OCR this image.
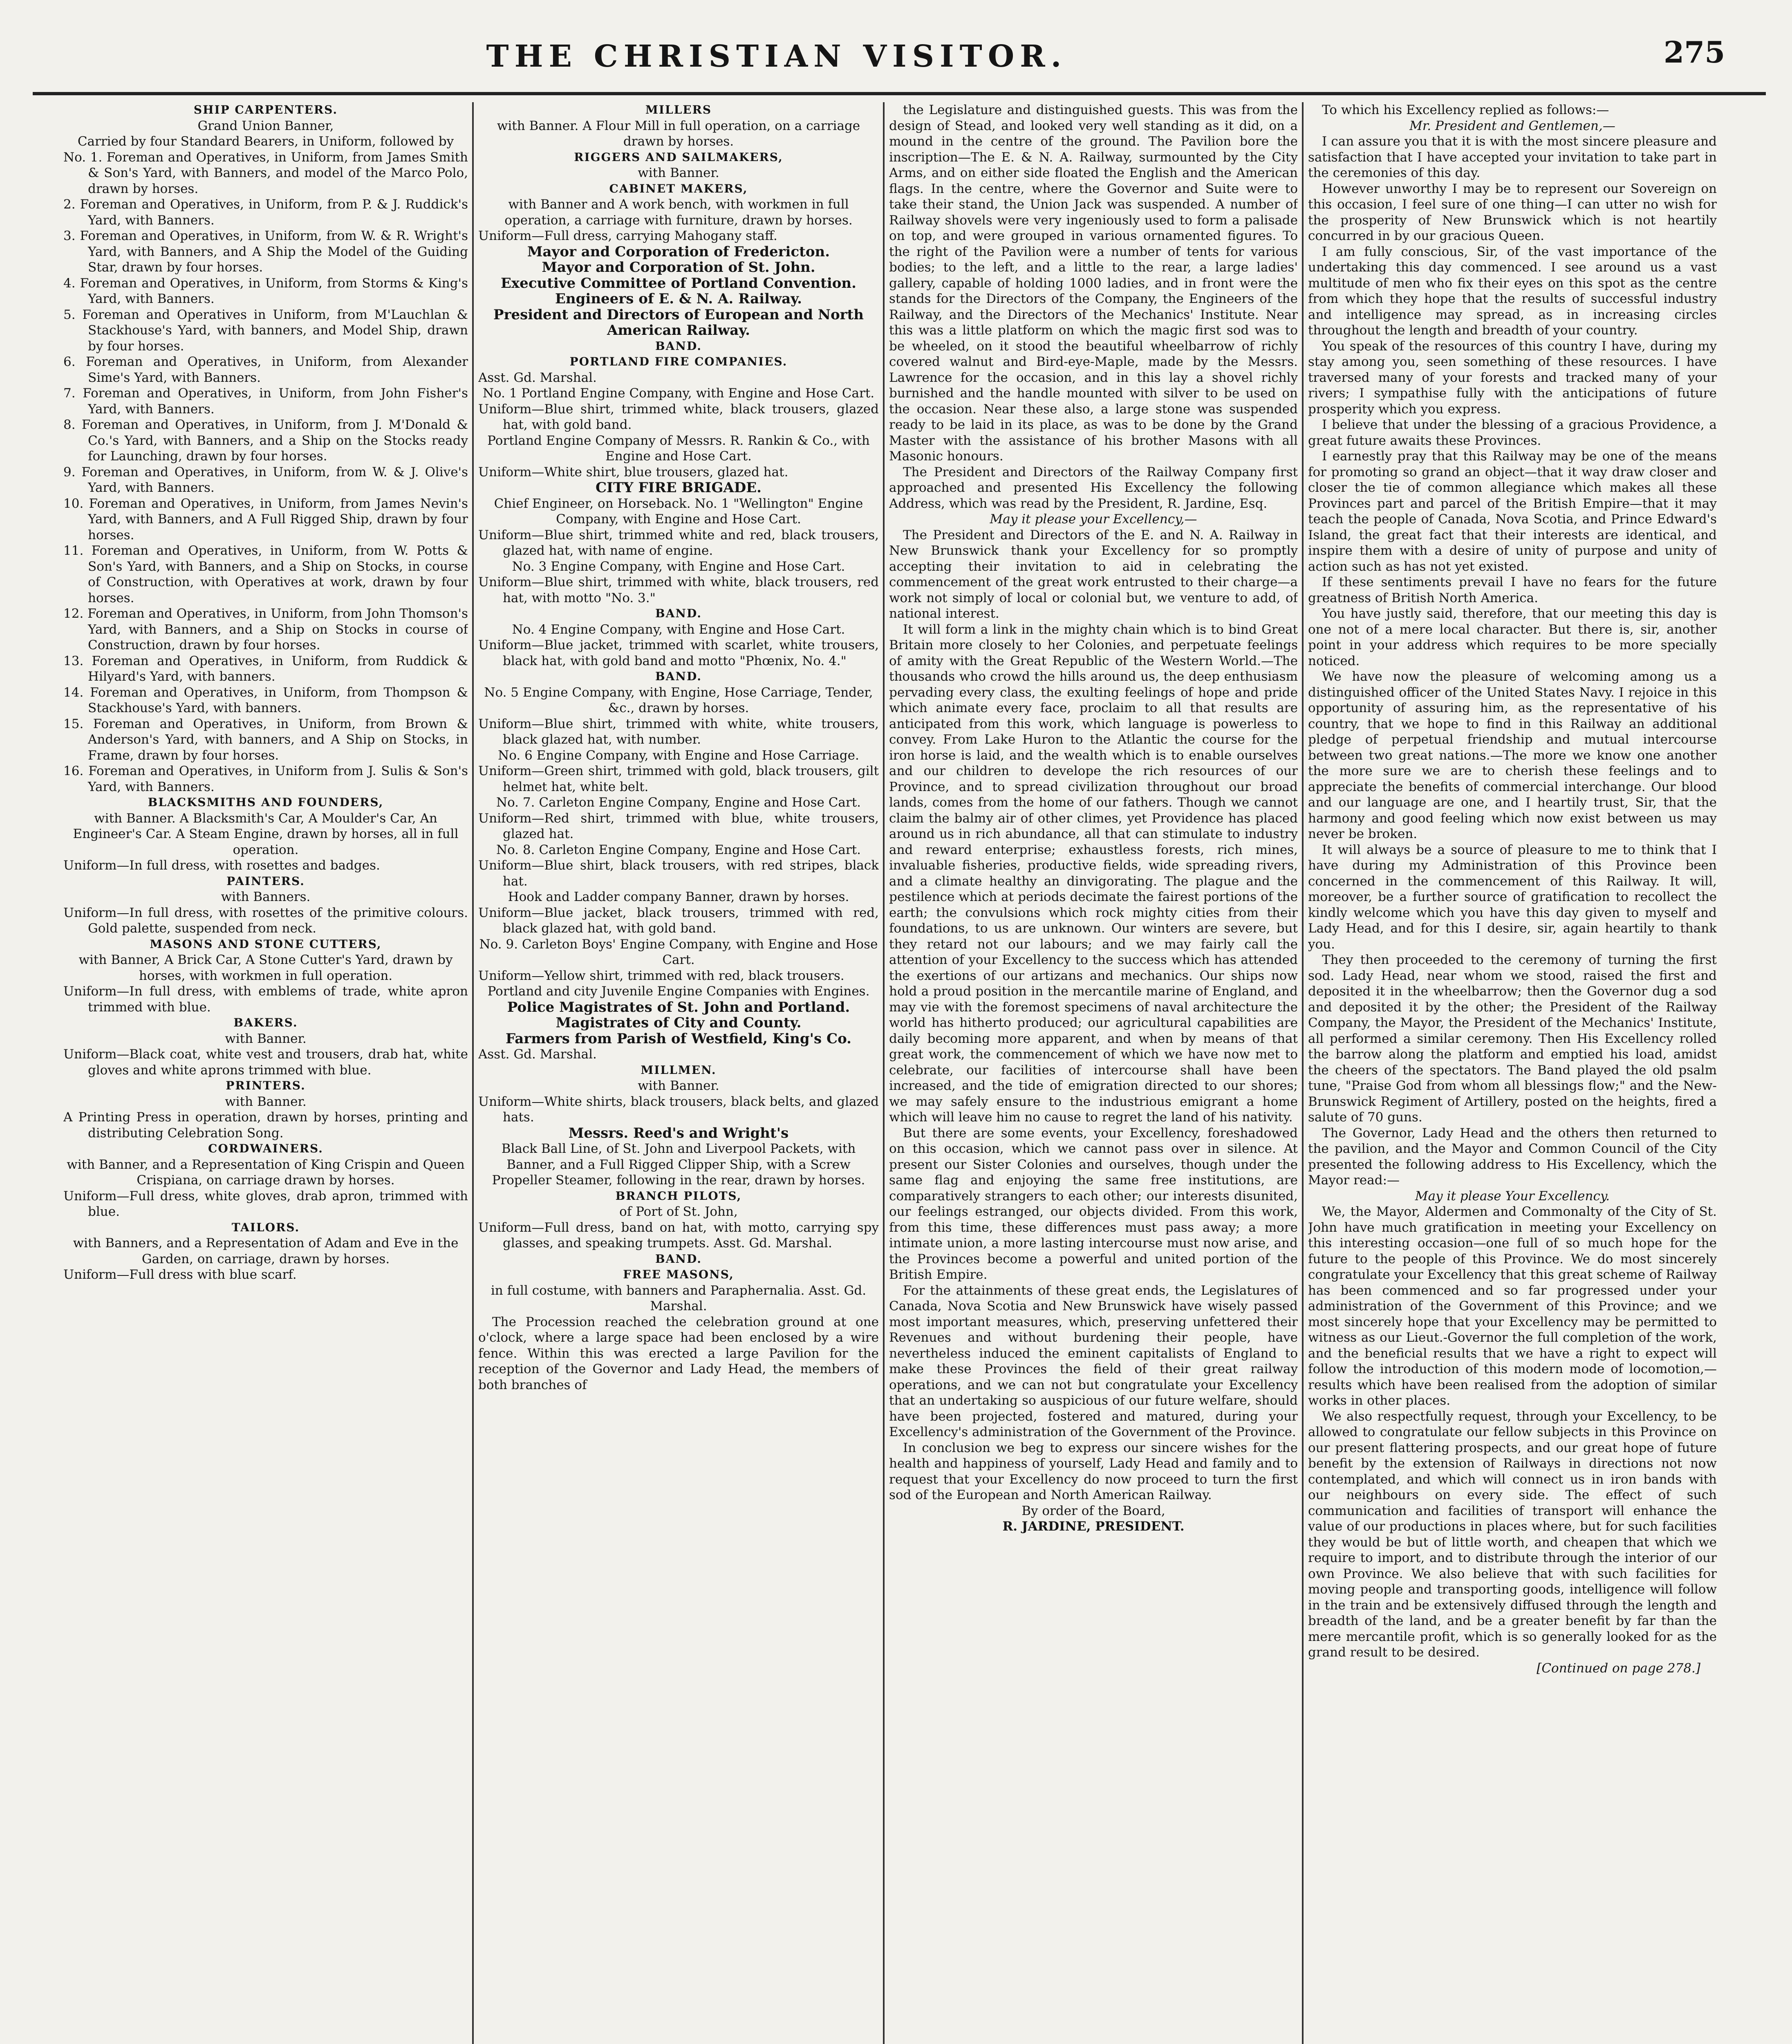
THE CHRISTIAN VISITOR.	275

SHIP CARPENTERS.

Grand Union Banner,

Carried by four Standard Bearers, in Uniform, followed by

No. 1. Foreman and Operatives, in Uniform, from James Smith & Son's Yard, with Banners, and model of the Marco Polo, drawn by horses.

2. Foreman and Operatives, in Uniform, from P. & J. Ruddick's Yard, with Banners.

3. Foreman and Operatives, in Uniform, from W. & R. Wright's Yard, with Banners, and A Ship the Model of the Guiding Star, drawn by four horses.

4. Foreman and Operatives, in Uniform, from Storms & King's Yard, with Banners.

5. Foreman and Operatives in Uniform, from M'Lauchlan & Stackhouse's Yard, with banners, and Model Ship, drawn by four horses.

6. Foreman and Operatives, in Uniform, from Alexander Sime's Yard, with Banners.

7. Foreman and Operatives, in Uniform, from John Fisher's Yard, with Banners.

8. Foreman and Operatives, in Uniform, from J. M'Donald & Co.'s Yard, with Banners, and a Ship on the Stocks ready for Launching, drawn by four horses.

9. Foreman and Operatives, in Uniform, from W. & J. Olive's Yard, with Banners.

10. Foreman and Operatives, in Uniform, from James Nevin's Yard, with Banners, and A Full Rigged Ship, drawn by four horses.

11. Foreman and Operatives, in Uniform, from W. Potts & Son's Yard, with Banners, and a Ship on Stocks, in course of Construction, with Operatives at work, drawn by four horses.

12. Foreman and Operatives, in Uniform, from John Thomson's Yard, with Banners, and a Ship on Stocks in course of Construction, drawn by four horses.

13. Foreman and Operatives, in Uniform, from Ruddick & Hilyard's Yard, with banners.

14. Foreman and Operatives, in Uniform, from Thompson & Stackhouse's Yard, with banners.

15. Foreman and Operatives, in Uniform, from Brown & Anderson's Yard, with banners, and A Ship on Stocks, in Frame, drawn by four horses.

16. Foreman and Operatives, in Uniform from J. Sulis & Son's Yard, with Banners.

BLACKSMITHS AND FOUNDERS,

with Banner. A Blacksmith's Car, A Moulder's Car, An Engineer's Car. A Steam Engine, drawn by horses, all in full operation.

Uniform—In full dress, with rosettes and badges.

PAINTERS.

with Banners.

Uniform—In full dress, with rosettes of the primitive colours. Gold palette, suspended from neck.

MASONS AND STONE CUTTERS,

with Banner, A Brick Car, A Stone Cutter's Yard, drawn by horses, with workmen in full operation.

Uniform—In full dress, with emblems of trade, white apron trimmed with blue.

BAKERS.

with Banner.

Uniform—Black coat, white vest and trousers, drab hat, white gloves and white aprons trimmed with blue.

PRINTERS.

with Banner.

A Printing Press in operation, drawn by horses, printing and distributing Celebration Song.

CORDWAINERS.

with Banner, and a Representation of King Crispin and Queen Crispiana, on carriage drawn by horses.

Uniform—Full dress, white gloves, drab apron, trimmed with blue.

TAILORS.

with Banners, and a Representation of Adam and Eve in the Garden, on carriage, drawn by horses.

Uniform—Full dress with blue scarf.

MILLERS

with Banner. A Flour Mill in full operation, on a carriage drawn by horses.

RIGGERS AND SAILMAKERS,

with Banner.

CABINET MAKERS,

with Banner and A work bench, with workmen in full operation, a carriage with furniture, drawn by horses.

Uniform—Full dress, carrying Mahogany staff.

Mayor and Corporation of Fredericton.

Mayor and Corporation of St. John.

Executive Committee of Portland Convention.

Engineers of E. & N. A. Railway.

President and Directors of European and North American Railway.

BAND.

PORTLAND FIRE COMPANIES.

Asst. Gd. Marshal.

No. 1 Portland Engine Company, with Engine and Hose Cart.

Uniform—Blue shirt, trimmed white, black trousers, glazed hat, with gold band.

Portland Engine Company of Messrs. R. Rankin & Co., with Engine and Hose Cart.

Uniform—White shirt, blue trousers, glazed hat.

CITY FIRE BRIGADE.

Chief Engineer, on Horseback. No. 1 "Wellington" Engine Company, with Engine and Hose Cart.

Uniform—Blue shirt, trimmed white and red, black trousers, glazed hat, with name of engine.

No. 3 Engine Company, with Engine and Hose Cart.

Uniform—Blue shirt, trimmed with white, black trousers, red hat, with motto "No. 3."

BAND.

No. 4 Engine Company, with Engine and Hose Cart.

Uniform—Blue jacket, trimmed with scarlet, white trousers, black hat, with gold band and motto "Phœnix, No. 4."

BAND.

No. 5 Engine Company, with Engine, Hose Carriage, Tender, &c., drawn by horses.

Uniform—Blue shirt, trimmed with white, white trousers, black glazed hat, with number.

No. 6 Engine Company, with Engine and Hose Carriage.

Uniform—Green shirt, trimmed with gold, black trousers, gilt helmet hat, white belt.

No. 7. Carleton Engine Company, Engine and Hose Cart.

Uniform—Red shirt, trimmed with blue, white trousers, glazed hat.

No. 8. Carleton Engine Company, Engine and Hose Cart.

Uniform—Blue shirt, black trousers, with red stripes, black hat.

Hook and Ladder company Banner, drawn by horses.

Uniform—Blue jacket, black trousers, trimmed with red, black glazed hat, with gold band.

No. 9. Carleton Boys' Engine Company, with Engine and Hose Cart.

Uniform—Yellow shirt, trimmed with red, black trousers.

Portland and city Juvenile Engine Companies with Engines.

Police Magistrates of St. John and Portland.

Magistrates of City and County.

Farmers from Parish of Westfield, King's Co.

Asst. Gd. Marshal.

MILLMEN.

with Banner.

Uniform—White shirts, black trousers, black belts, and glazed hats.

Messrs. Reed's and Wright's

Black Ball Line, of St. John and Liverpool Packets, with Banner, and a Full Rigged Clipper Ship, with a Screw Propeller Steamer, following in the rear, drawn by horses.

BRANCH PILOTS,

of Port of St. John,

Uniform—Full dress, band on hat, with motto, carrying spy glasses, and speaking trumpets. Asst. Gd. Marshal.

BAND.

FREE MASONS,

in full costume, with banners and Paraphernalia. Asst. Gd. Marshal.

The Procession reached the celebration ground at one o'clock, where a large space had been enclosed by a wire fence. Within this was erected a large Pavilion for the reception of the Governor and Lady Head, the members of both branches of

the Legislature and distinguished guests. This was from the design of Stead, and looked very well standing as it did, on a mound in the centre of the ground. The Pavilion bore the inscription—The E. & N. A. Railway, surmounted by the City Arms, and on either side floated the English and the American flags. In the centre, where the Governor and Suite were to take their stand, the Union Jack was suspended. A number of Railway shovels were very ingeniously used to form a palisade on top, and were grouped in various ornamented figures. To the right of the Pavilion were a number of tents for various bodies; to the left, and a little to the rear, a large ladies' gallery, capable of holding 1000 ladies, and in front were the stands for the Directors of the Company, the Engineers of the Railway, and the Directors of the Mechanics' Institute. Near this was a little platform on which the magic first sod was to be wheeled, on it stood the beautiful wheelbarrow of richly covered walnut and Bird-eye-Maple, made by the Messrs. Lawrence for the occasion, and in this lay a shovel richly burnished and the handle mounted with silver to be used on the occasion. Near these also, a large stone was suspended ready to be laid in its place, as was to be done by the Grand Master with the assistance of his brother Masons with all Masonic honours.

The President and Directors of the Railway Company first approached and presented His Excellency the following Address, which was read by the President, R. Jardine, Esq.

May it please your Excellency,—

The President and Directors of the E. and N. A. Railway in New Brunswick thank your Excellency for so promptly accepting their invitation to aid in celebrating the commencement of the great work entrusted to their charge—a work not simply of local or colonial but, we venture to add, of national interest.

It will form a link in the mighty chain which is to bind Great Britain more closely to her Colonies, and perpetuate feelings of amity with the Great Republic of the Western World.—The thousands who crowd the hills around us, the deep enthusiasm pervading every class, the exulting feelings of hope and pride which animate every face, proclaim to all that results are anticipated from this work, which language is powerless to convey. From Lake Huron to the Atlantic the course for the iron horse is laid, and the wealth which is to enable ourselves and our children to develope the rich resources of our Province, and to spread civilization throughout our broad lands, comes from the home of our fathers. Though we cannot claim the balmy air of other climes, yet Providence has placed around us in rich abundance, all that can stimulate to industry and reward enterprise; exhaustless forests, rich mines, invaluable fisheries, productive fields, wide spreading rivers, and a climate healthy an dinvigorating. The plague and the pestilence which at periods decimate the fairest portions of the earth; the convulsions which rock mighty cities from their foundations, to us are unknown. Our winters are severe, but they retard not our labours; and we may fairly call the attention of your Excellency to the success which has attended the exertions of our artizans and mechanics. Our ships now hold a proud position in the mercantile marine of England, and may vie with the foremost specimens of naval architecture the world has hitherto produced; our agricultural capabilities are daily becoming more apparent, and when by means of that great work, the commencement of which we have now met to celebrate, our facilities of intercourse shall have been increased, and the tide of emigration directed to our shores; we may safely ensure to the industrious emigrant a home which will leave him no cause to regret the land of his nativity.

But there are some events, your Excellency, foreshadowed on this occasion, which we cannot pass over in silence. At present our Sister Colonies and ourselves, though under the same flag and enjoying the same free institutions, are comparatively strangers to each other; our interests disunited, our feelings estranged, our objects divided. From this work, from this time, these differences must pass away; a more intimate union, a more lasting intercourse must now arise, and the Provinces become a powerful and united portion of the British Empire.

For the attainments of these great ends, the Legislatures of Canada, Nova Scotia and New Brunswick have wisely passed most important measures, which, preserving unfettered their Revenues and without burdening their people, have nevertheless induced the eminent capitalists of England to make these Provinces the field of their great railway operations, and we can not but congratulate your Excellency that an undertaking so auspicious of our future welfare, should have been projected, fostered and matured, during your Excellency's administration of the Government of the Province.

In conclusion we beg to express our sincere wishes for the health and happiness of yourself, Lady Head and family and to request that your Excellency do now proceed to turn the first sod of the European and North American Railway.

By order of the Board,

R. JARDINE, PRESIDENT.

To which his Excellency replied as follows:—

Mr. President and Gentlemen,—

I can assure you that it is with the most sincere pleasure and satisfaction that I have accepted your invitation to take part in the ceremonies of this day.

However unworthy I may be to represent our Sovereign on this occasion, I feel sure of one thing—I can utter no wish for the prosperity of New Brunswick which is not heartily concurred in by our gracious Queen.

I am fully conscious, Sir, of the vast importance of the undertaking this day commenced. I see around us a vast multitude of men who fix their eyes on this spot as the centre from which they hope that the results of successful industry and intelligence may spread, as in increasing circles throughout the length and breadth of your country.

You speak of the resources of this country I have, during my stay among you, seen something of these resources. I have traversed many of your forests and tracked many of your rivers; I sympathise fully with the anticipations of future prosperity which you express.

I believe that under the blessing of a gracious Providence, a great future awaits these Provinces.

I earnestly pray that this Railway may be one of the means for promoting so grand an object—that it way draw closer and closer the tie of common allegiance which makes all these Provinces part and parcel of the British Empire—that it may teach the people of Canada, Nova Scotia, and Prince Edward's Island, the great fact that their interests are identical, and inspire them with a desire of unity of purpose and unity of action such as has not yet existed.

If these sentiments prevail I have no fears for the future greatness of British North America.

You have justly said, therefore, that our meeting this day is one not of a mere local character. But there is, sir, another point in your address which requires to be more specially noticed.

We have now the pleasure of welcoming among us a distinguished officer of the United States Navy. I rejoice in this opportunity of assuring him, as the representative of his country, that we hope to find in this Railway an additional pledge of perpetual friendship and mutual intercourse between two great nations.—The more we know one another the more sure we are to cherish these feelings and to appreciate the benefits of commercial interchange. Our blood and our language are one, and I heartily trust, Sir, that the harmony and good feeling which now exist between us may never be broken.

It will always be a source of pleasure to me to think that I have during my Administration of this Province been concerned in the commencement of this Railway. It will, moreover, be a further source of gratification to recollect the kindly welcome which you have this day given to myself and Lady Head, and for this I desire, sir, again heartily to thank you.

They then proceeded to the ceremony of turning the first sod. Lady Head, near whom we stood, raised the first and deposited it in the wheelbarrow; then the Governor dug a sod and deposited it by the other; the President of the Railway Company, the Mayor, the President of the Mechanics' Institute, all performed a similar ceremony. Then His Excellency rolled the barrow along the platform and emptied his load, amidst the cheers of the spectators. The Band played the old psalm tune, "Praise God from whom all blessings flow;" and the New-Brunswick Regiment of Artillery, posted on the heights, fired a salute of 70 guns.

The Governor, Lady Head and the others then returned to the pavilion, and the Mayor and Common Council of the City presented the following address to His Excellency, which the Mayor read:—

May it please Your Excellency.

We, the Mayor, Aldermen and Commonalty of the City of St. John have much gratification in meeting your Excellency on this interesting occasion—one full of so much hope for the future to the people of this Province. We do most sincerely congratulate your Excellency that this great scheme of Railway has been commenced and so far progressed under your administration of the Government of this Province; and we most sincerely hope that your Excellency may be permitted to witness as our Lieut.-Governor the full completion of the work, and the beneficial results that we have a right to expect will follow the introduction of this modern mode of locomotion,—results which have been realised from the adoption of similar works in other places.

We also respectfully request, through your Excellency, to be allowed to congratulate our fellow subjects in this Province on our present flattering prospects, and our great hope of future benefit by the extension of Railways in directions not now contemplated, and which will connect us in iron bands with our neighbours on every side. The effect of such communication and facilities of transport will enhance the value of our productions in places where, but for such facilities they would be but of little worth, and cheapen that which we require to import, and to distribute through the interior of our own Province. We also believe that with such facilities for moving people and transporting goods, intelligence will follow in the train and be extensively diffused through the length and breadth of the land, and be a greater benefit by far than the mere mercantile profit, which is so generally looked for as the grand result to be desired.

[Continued on page 278.]
